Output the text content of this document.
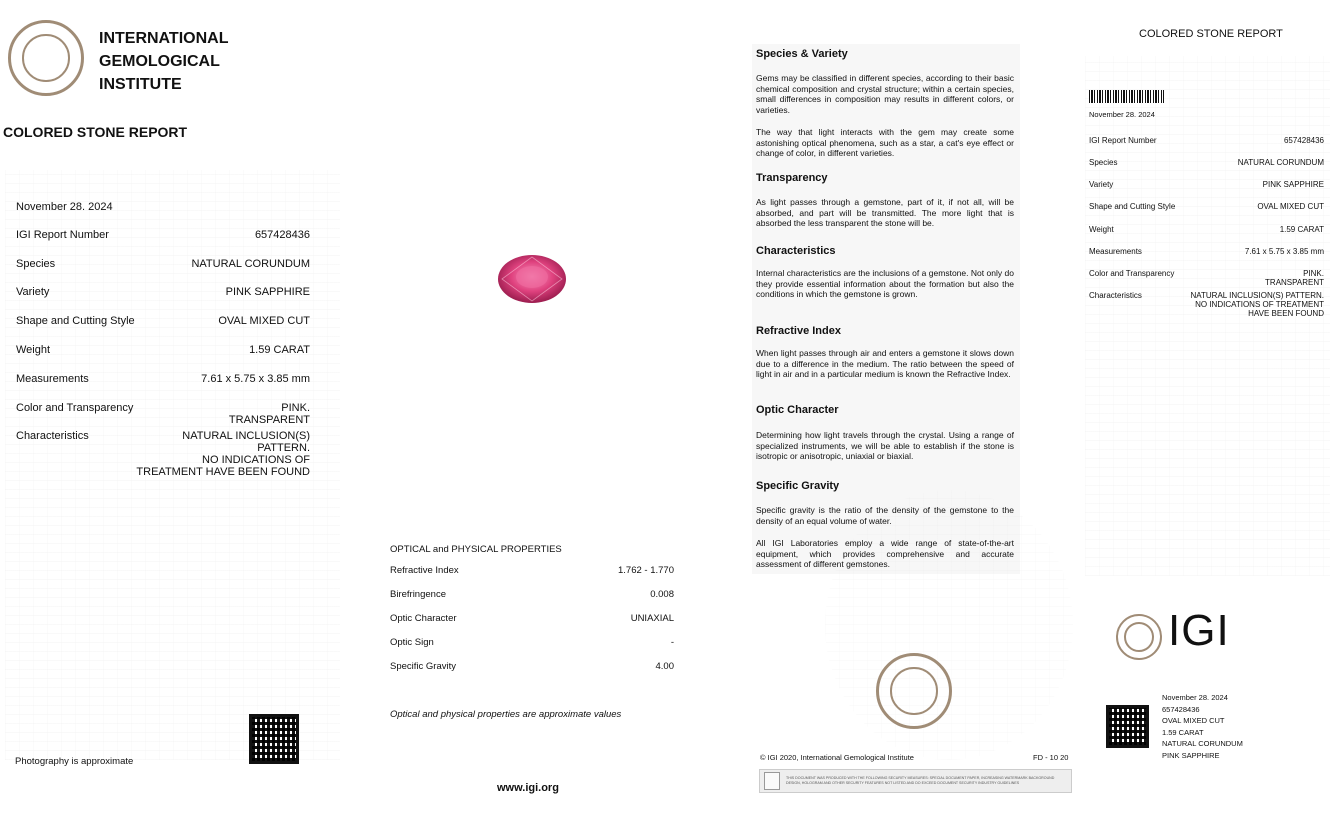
INTERNATIONAL
GEMOLOGICAL
INSTITUTE
COLORED STONE REPORT
November 28. 2024
IGI Report Number	657428436
Species	NATURAL CORUNDUM
Variety	PINK SAPPHIRE
Shape and Cutting Style	OVAL MIXED CUT
Weight	1.59 CARAT
Measurements	7.61 x 5.75 x 3.85 mm
Color and Transparency	PINK.
TRANSPARENT
Characteristics	NATURAL INCLUSION(S)
PATTERN.
NO INDICATIONS OF
TREATMENT HAVE BEEN FOUND
Photography is approximate
OPTICAL and PHYSICAL PROPERTIES
Refractive Index	1.762 - 1.770
Birefringence	0.008
Optic Character	UNIAXIAL
Optic Sign	-
Specific Gravity	4.00
Optical and physical properties are approximate values
www.igi.org
Species & Variety
Gems may be classified in different species, according to their basic chemical composition and crystal structure; within a certain species, small differences in composition may results in different colors, or varieties.
The way that light interacts with the gem may create some astonishing optical phenomena, such as a star, a cat's eye effect or change of color, in different varieties.
Transparency
As light passes through a gemstone, part of it, if not all, will be absorbed, and part will be transmitted. The more light that is absorbed the less transparent the stone will be.
Characteristics
Internal characteristics are the inclusions of a gemstone. Not only do they provide essential information about the formation but also the conditions in which the gemstone is grown.
Refractive Index
When light passes through air and enters a gemstone it slows down due to a difference in the medium. The ratio between the speed of light in air and in a particular medium is known the Refractive Index.
Optic Character
Determining how light travels through the crystal. Using a range of specialized instruments, we will be able to establish if the stone is isotropic or anisotropic, uniaxial or biaxial.
Specific Gravity
Specific gravity is the ratio of the density of the gemstone to the density of an equal volume of water.
All IGI Laboratories employ a wide range of state-of-the-art equipment, which provides comprehensive and accurate assessment of different gemstones.
© IGI 2020, International Gemological Institute	FD - 10 20
THIS DOCUMENT WAS PRODUCED WITH THE FOLLOWING SECURITY MEASURES: SPECIAL DOCUMENT PAPER, INCREASING WATERMARK BACKGROUND DESIGN, HOLOGRAM AND OTHER SECURITY FEATURES NOT LISTED AND DO EXCEED DOCUMENT SECURITY INDUSTRY GUIDELINES
COLORED STONE REPORT
November 28. 2024
IGI Report Number	657428436
Species	NATURAL CORUNDUM
Variety	PINK SAPPHIRE
Shape and Cutting Style	OVAL MIXED CUT
Weight	1.59 CARAT
Measurements	7.61 x 5.75 x 3.85 mm
Color and Transparency	PINK.
TRANSPARENT
Characteristics	NATURAL INCLUSION(S) PATTERN.
NO INDICATIONS OF TREATMENT
HAVE BEEN FOUND
IGI
November 28. 2024
657428436
OVAL MIXED CUT
1.59 CARAT
NATURAL CORUNDUM
PINK SAPPHIRE
